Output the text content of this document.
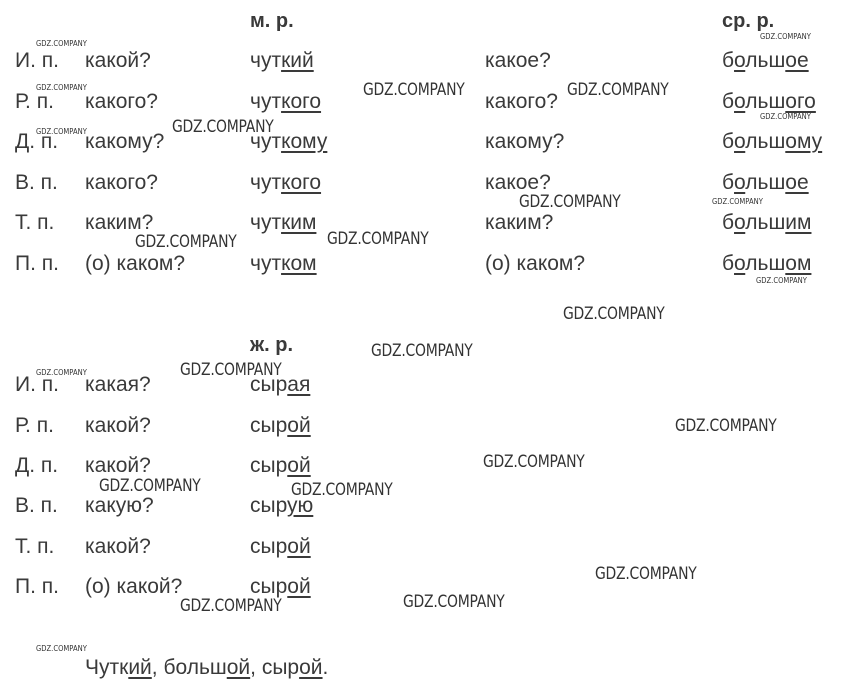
м. р.	ср. р.
ж. р.
И. п. какой?	чуткий	какое?	большое
Р. п. какого?	чуткого	какого?	большого
Д. п. какому?	чуткому	какому?	большому
В. п. какого?	чуткого	какое?	большое
Т. п. каким?	чутким	каким?	большим
П. п. (о) каком?	чутком	(о) каком?	большом
И. п. какая?	сырая
Р. п. какой?	сырой
Д. п. какой?	сырой
В. п. какую?	сырую
Т. п. какой?	сырой
П. п. (о) какой?	сырой
Чуткий, большой, сырой.
GDZ.COMPANY	GDZ.COMPANY
GDZ.COMPANY
GDZ.COMPANY
GDZ.COMPANY	GDZ.COMPANY
GDZ.COMPANY
GDZ.COMPANY
GDZ.COMPANY
GDZ.COMPANY
GDZ.COMPANY
GDZ.COMPANY	GDZ.COMPANY
GDZ.COMPANY
GDZ.COMPANY	GDZ.COMPANY
GDZ.COMPANY
GDZ.COMPANY
GDZ.COMPANY
GDZ.COMPANY
GDZ.COMPANY
GDZ.COMPANY
GDZ.COMPANY
GDZ.COMPANY
GDZ.COMPANY
